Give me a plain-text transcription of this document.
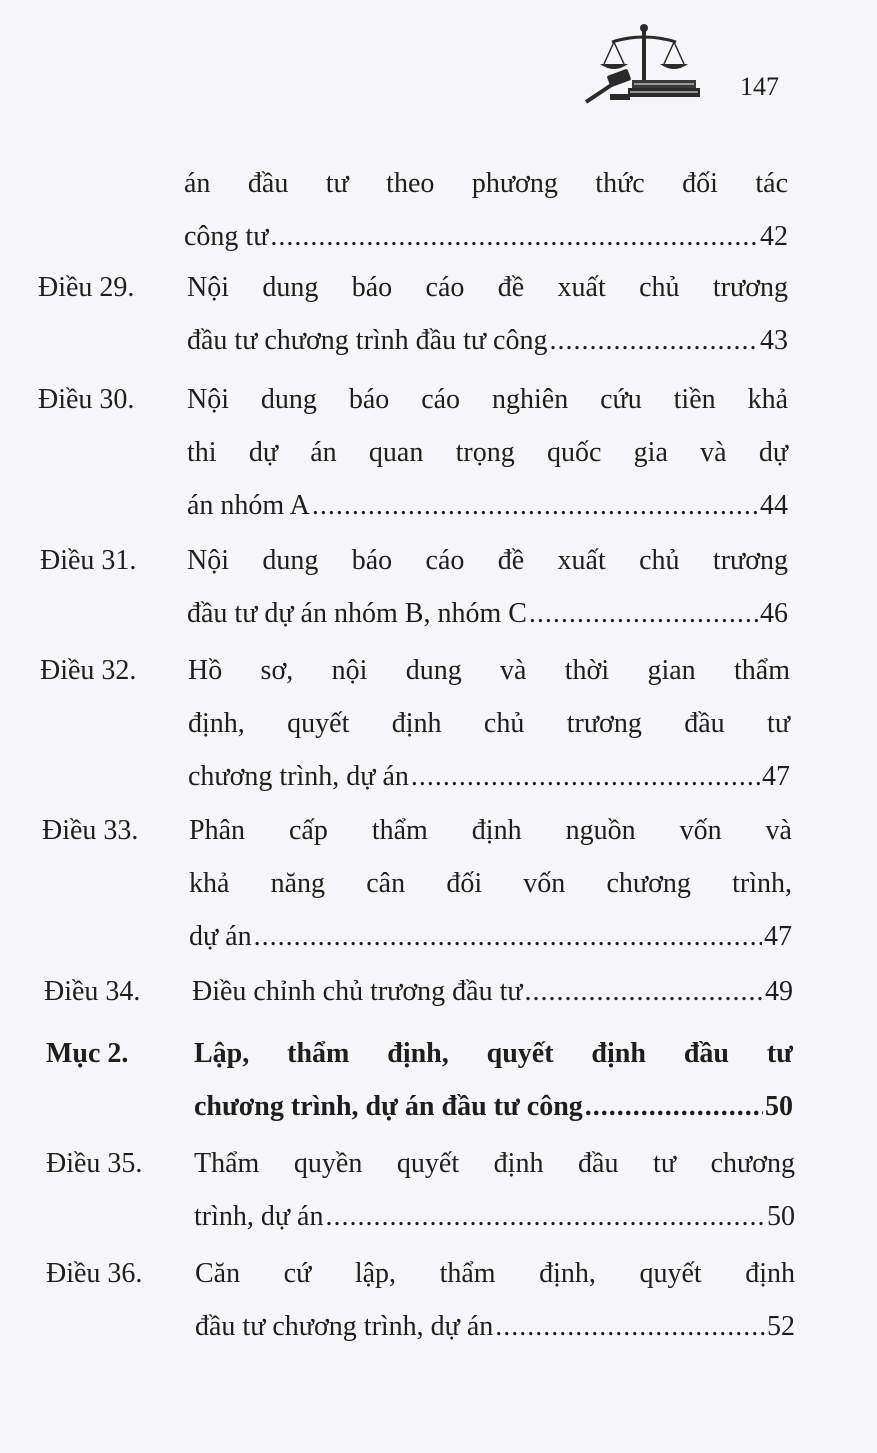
147
án đầu tư theo phương thức đối tác
công tư .....	42
Điều 29. Nội dung báo cáo đề xuất chủ trương
đầu tư chương trình đầu tư công .....	43
Điều 30. Nội dung báo cáo nghiên cứu tiền khả
thi dự án quan trọng quốc gia và dự
án nhóm A .....	44
Điều 31. Nội dung báo cáo đề xuất chủ trương
đầu tư dự án nhóm B, nhóm C .....	46
Điều 32. Hồ sơ, nội dung và thời gian thẩm
định, quyết định chủ trương đầu tư
chương trình, dự án .....	47
Điều 33. Phân cấp thẩm định nguồn vốn và
khả năng cân đối vốn chương trình,
dự án .....	47
Điều 34. Điều chỉnh chủ trương đầu tư .....	49
Mục 2. Lập, thẩm định, quyết định đầu tư
chương trình, dự án đầu tư công .....	50
Điều 35. Thẩm quyền quyết định đầu tư chương
trình, dự án .....	50
Điều 36. Căn cứ lập, thẩm định, quyết định
đầu tư chương trình, dự án .....	52
